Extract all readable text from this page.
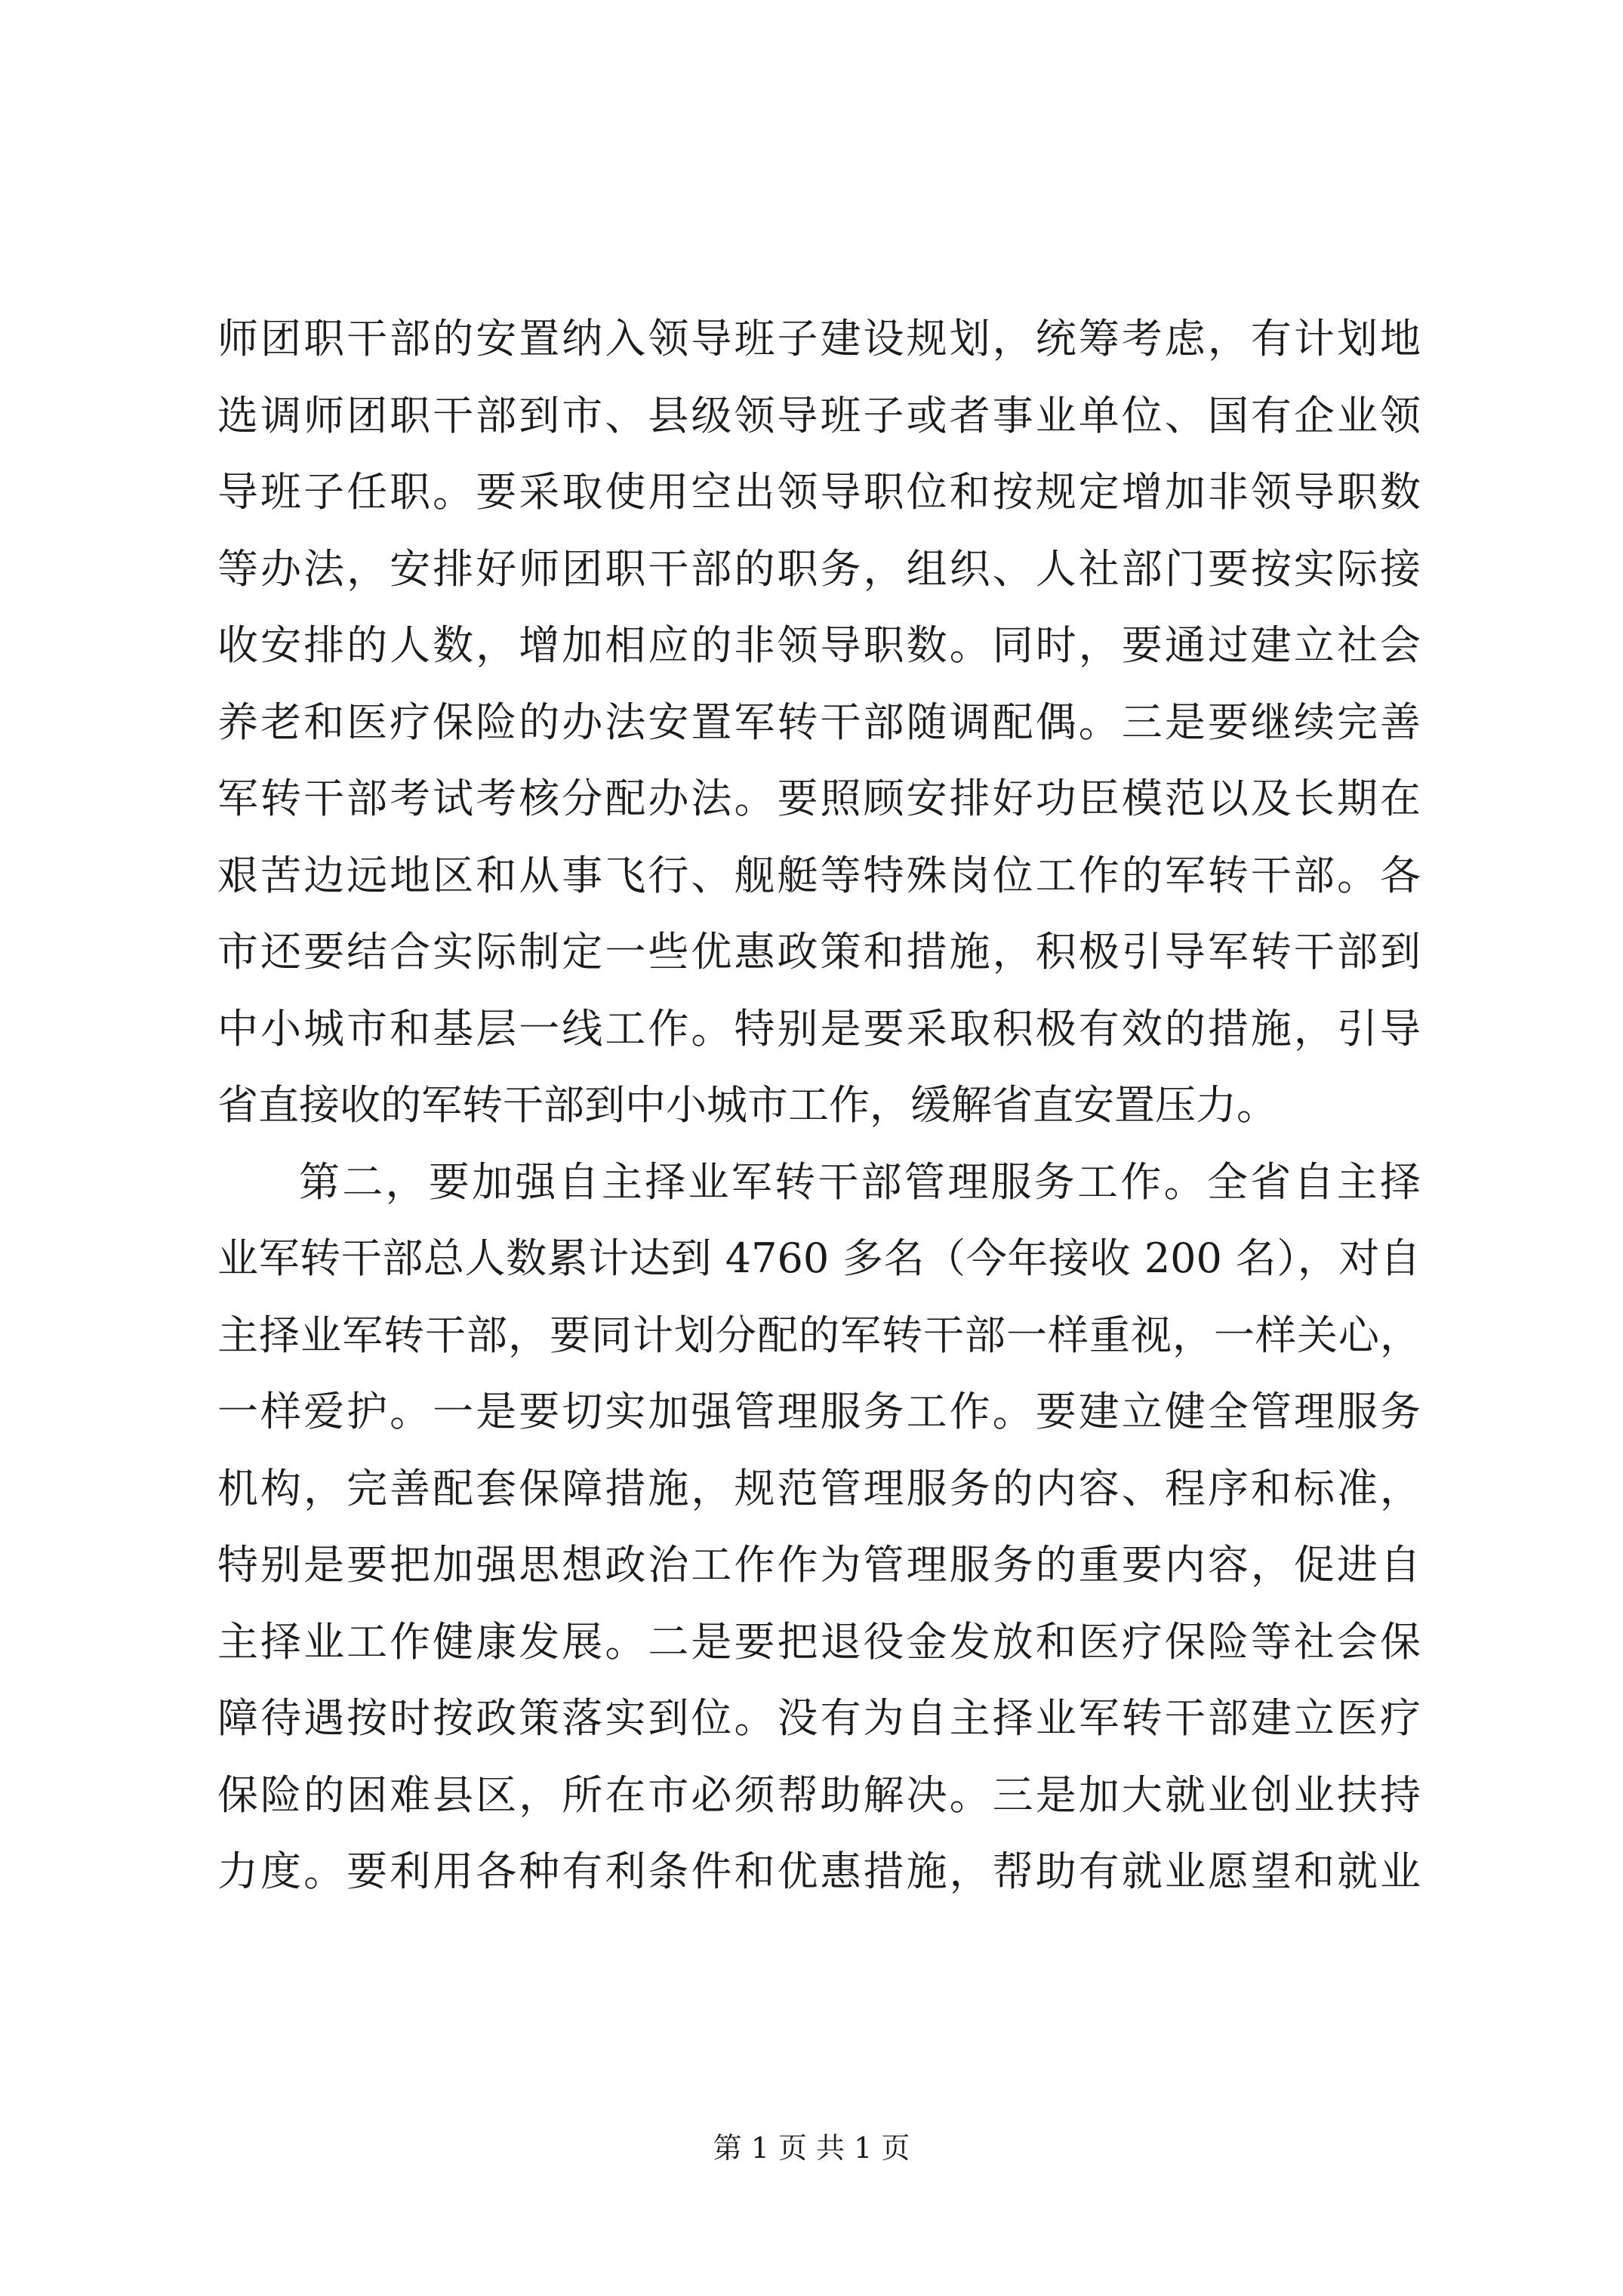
师团职干部的安置纳入领导班子建设规划，统筹考虑，有计划地
选调师团职干部到市、县级领导班子或者事业单位、国有企业领
导班子任职。要采取使用空出领导职位和按规定增加非领导职数
等办法，安排好师团职干部的职务，组织、人社部门要按实际接
收安排的人数，增加相应的非领导职数。同时，要通过建立社会
养老和医疗保险的办法安置军转干部随调配偶。三是要继续完善
军转干部考试考核分配办法。要照顾安排好功臣模范以及长期在
艰苦边远地区和从事飞行、舰艇等特殊岗位工作的军转干部。各
市还要结合实际制定一些优惠政策和措施，积极引导军转干部到
中小城市和基层一线工作。特别是要采取积极有效的措施，引导
省直接收的军转干部到中小城市工作，缓解省直安置压力。
第二，要加强自主择业军转干部管理服务工作。全省自主择
业军转干部总人数累计达到 4760 多名（今年接收 200 名），对自
主择业军转干部，要同计划分配的军转干部一样重视，一样关心，
一样爱护。一是要切实加强管理服务工作。要建立健全管理服务
机构，完善配套保障措施，规范管理服务的内容、程序和标准，
特别是要把加强思想政治工作作为管理服务的重要内容，促进自
主择业工作健康发展。二是要把退役金发放和医疗保险等社会保
障待遇按时按政策落实到位。没有为自主择业军转干部建立医疗
保险的困难县区，所在市必须帮助解决。三是加大就业创业扶持
力度。要利用各种有利条件和优惠措施，帮助有就业愿望和就业
第 1 页 共 1 页
